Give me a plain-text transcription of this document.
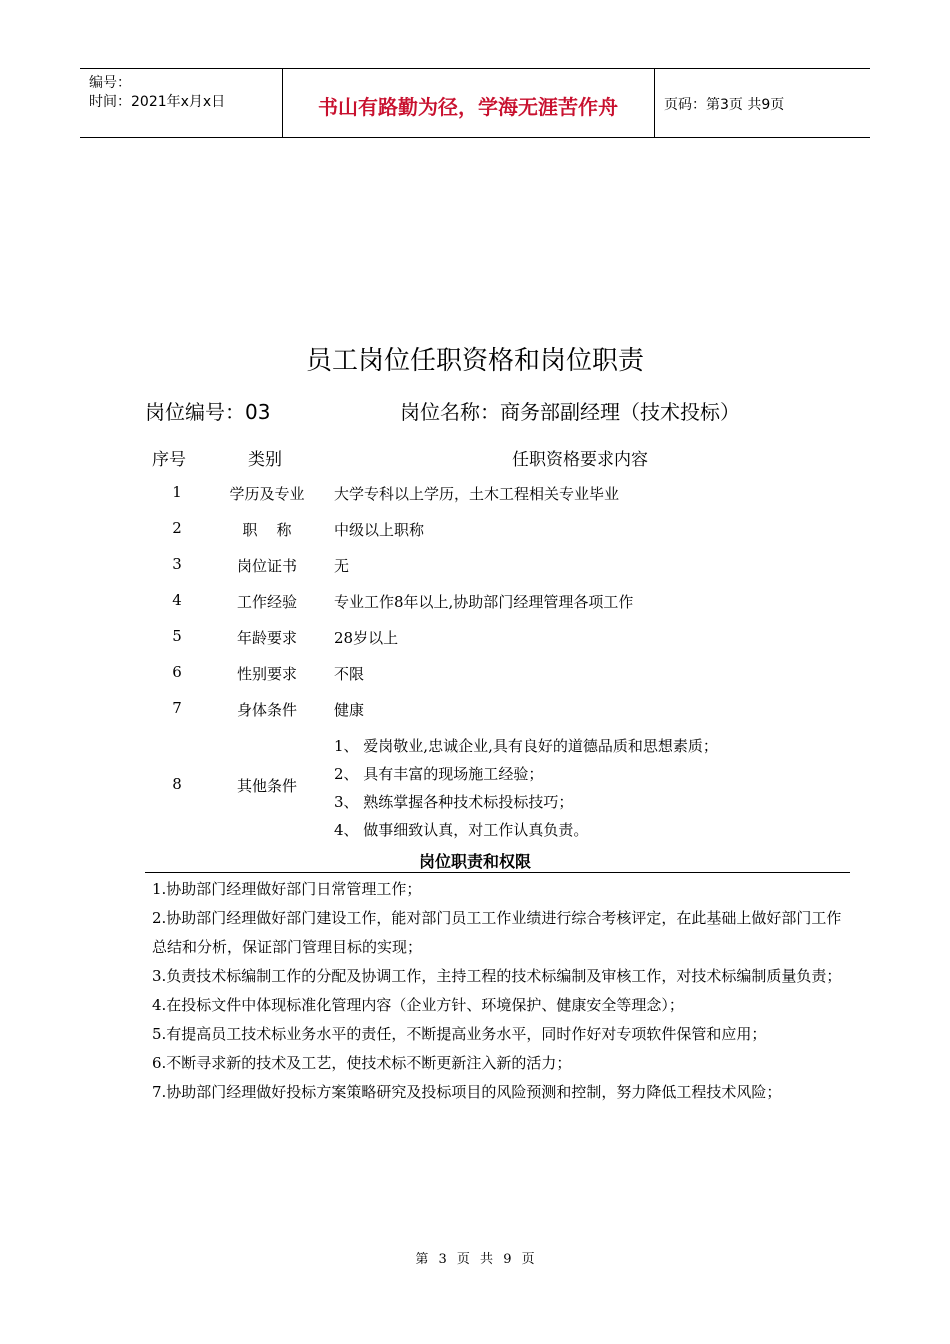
编号：
时间：2021年x月x日	书山有路勤为径，学海无涯苦作舟	页码：第3页 共9页
员工岗位任职资格和岗位职责
岗位编号：03	岗位名称：商务部副经理（技术投标）
序号	类别	任职资格要求内容
1	学历及专业	大学专科以上学历，土木工程相关专业毕业
2	职    称	中级以上职称
3	岗位证书	无
4	工作经验	专业工作8年以上,协助部门经理管理各项工作
5	年龄要求	28岁以上
6	性别要求	不限
7	身体条件	健康
8	其他条件
1、 爱岗敬业,忠诚企业,具有良好的道德品质和思想素质；
2、 具有丰富的现场施工经验；
3、 熟练掌握各种技术标投标技巧；
4、 做事细致认真，对工作认真负责。
岗位职责和权限

1.协助部门经理做好部门日常管理工作；

2.协助部门经理做好部门建设工作，能对部门员工工作业绩进行综合考核评定，在此基础上做好部门工作总结和分析，保证部门管理目标的实现；

3.负责技术标编制工作的分配及协调工作，主持工程的技术标编制及审核工作，对技术标编制质量负责；

4.在投标文件中体现标准化管理内容（企业方针、环境保护、健康安全等理念）；

5.有提高员工技术标业务水平的责任，不断提高业务水平，同时作好对专项软件保管和应用；

6.不断寻求新的技术及工艺，使技术标不断更新注入新的活力；

7.协助部门经理做好投标方案策略研究及投标项目的风险预测和控制，努力降低工程技术风险；

第 3 页 共 9 页
